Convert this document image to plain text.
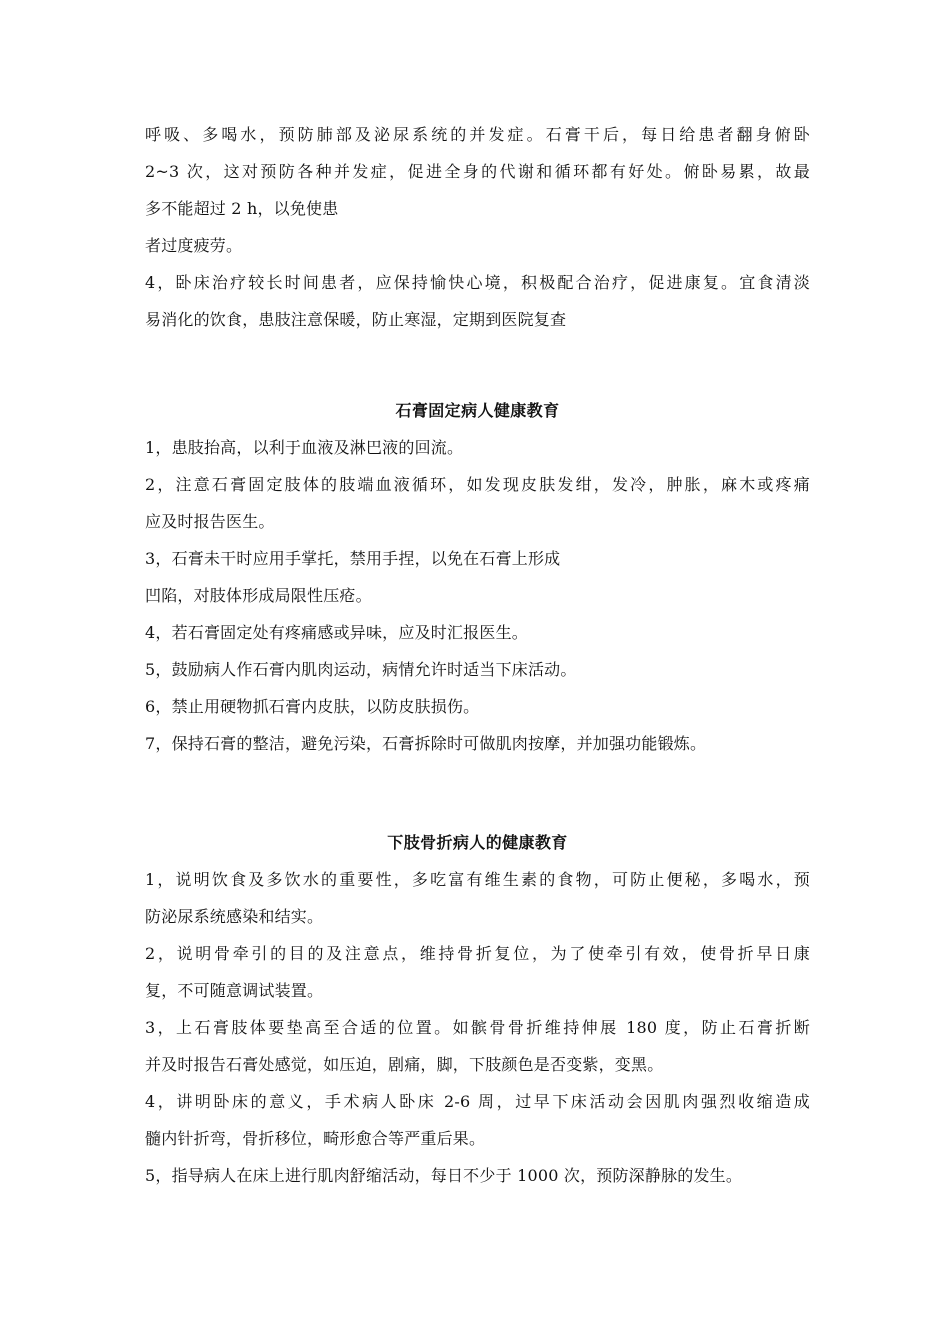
呼吸、多喝水，预防肺部及泌尿系统的并发症。石膏干后，每日给患者翻身俯卧
2~3 次，这对预防各种并发症，促进全身的代谢和循环都有好处。俯卧易累，故最
多不能超过 2 h，以免使患
者过度疲劳。
4，卧床治疗较长时间患者，应保持愉快心境，积极配合治疗，促进康复。宜食清淡
易消化的饮食，患肢注意保暖，防止寒湿，定期到医院复查
石膏固定病人健康教育
1，患肢抬高，以利于血液及淋巴液的回流。
2，注意石膏固定肢体的肢端血液循环，如发现皮肤发绀，发冷，肿胀，麻木或疼痛
应及时报告医生。
3，石膏未干时应用手掌托，禁用手捏，以免在石膏上形成
凹陷，对肢体形成局限性压疮。
4，若石膏固定处有疼痛感或异味，应及时汇报医生。
5，鼓励病人作石膏内肌肉运动，病情允许时适当下床活动。
6，禁止用硬物抓石膏内皮肤，以防皮肤损伤。
7，保持石膏的整洁，避免污染，石膏拆除时可做肌肉按摩，并加强功能锻炼。
下肢骨折病人的健康教育
1，说明饮食及多饮水的重要性，多吃富有维生素的食物，可防止便秘，多喝水，预
防泌尿系统感染和结实。
2，说明骨牵引的目的及注意点，维持骨折复位，为了使牵引有效，使骨折早日康
复，不可随意调试装置。
3，上石膏肢体要垫高至合适的位置。如髌骨骨折维持伸展 180 度，防止石膏折断
并及时报告石膏处感觉，如压迫，剧痛，脚，下肢颜色是否变紫，变黑。
4，讲明卧床的意义，手术病人卧床 2-6 周，过早下床活动会因肌肉强烈收缩造成
髓内针折弯，骨折移位，畸形愈合等严重后果。
5，指导病人在床上进行肌肉舒缩活动，每日不少于 1000 次，预防深静脉的发生。
